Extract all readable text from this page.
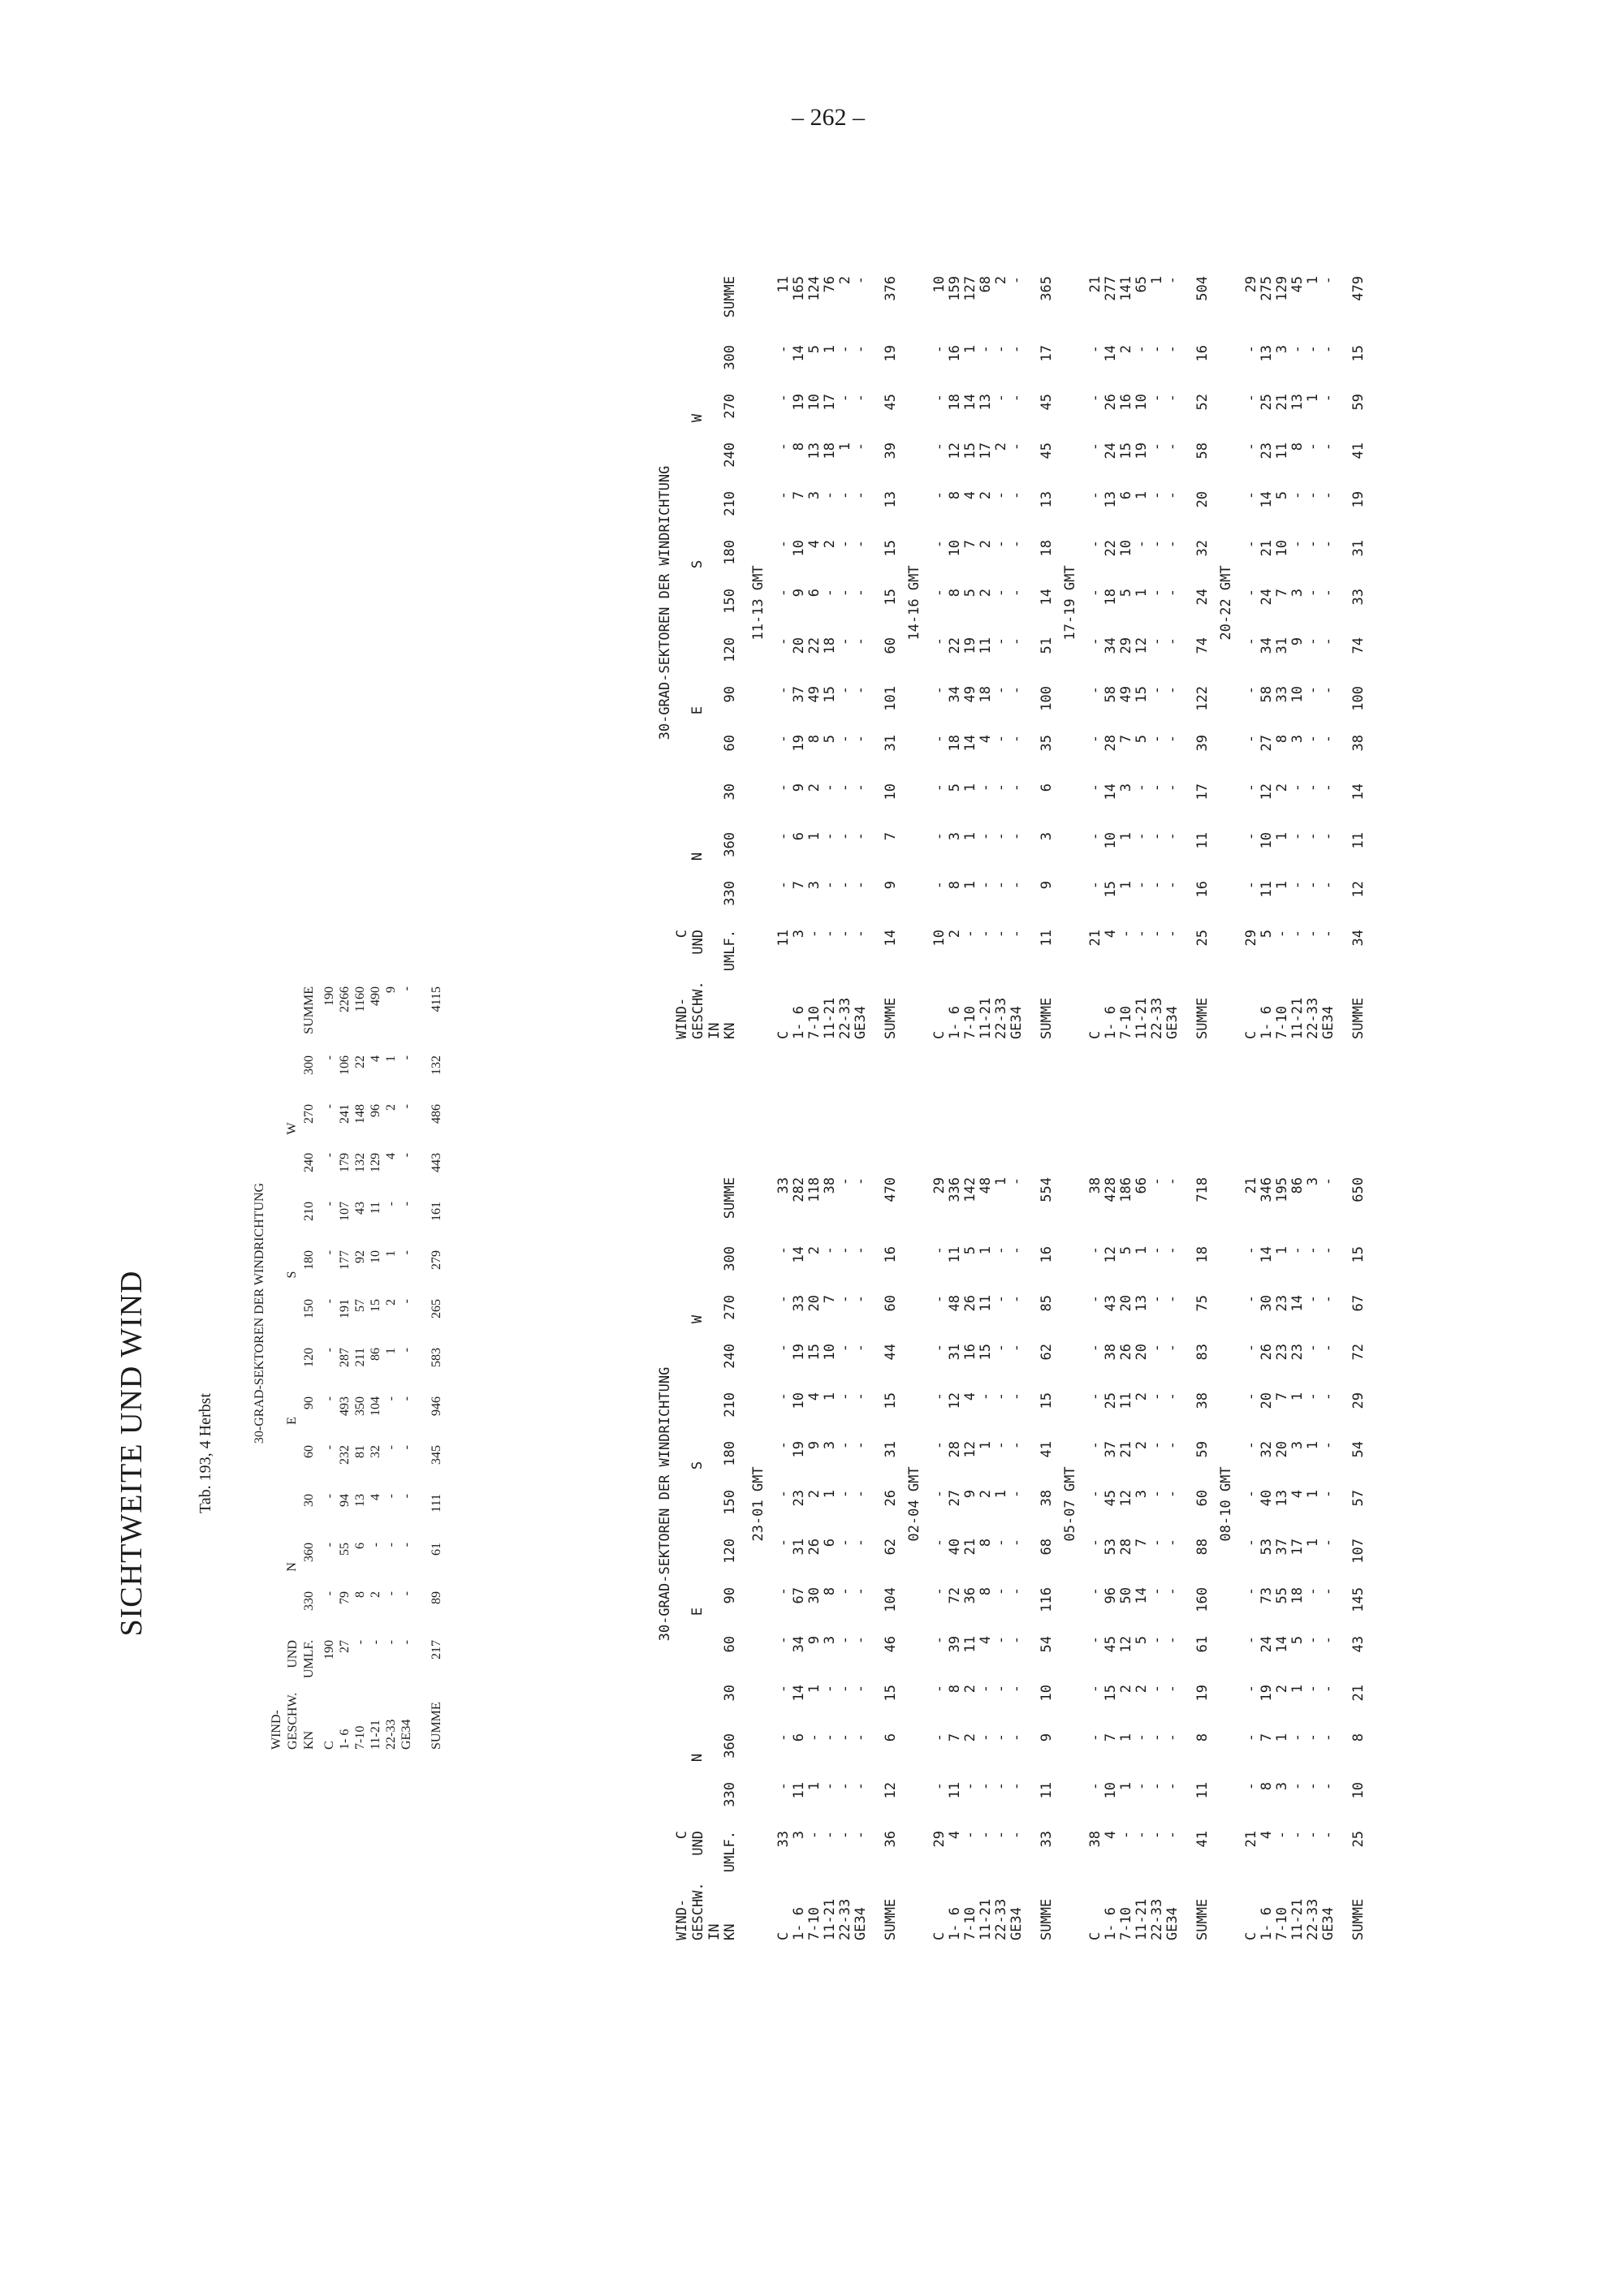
– 262 –
SICHTWEITE UND WIND	Tab. 193, 4 Herbst
		30-GRAD-SEKTOREN DER WINDRICHTUNG												
WIND-														
GESCHW.	UND		N			E			S			W		
KN	UMLF.	330	360	30	60	90	120	150	180	210	240	270	300	SUMME
C	190	-	-	-	-	-	-	-	-	-	-	-	-	190
1- 6	27	79	55	94	232	493	287	191	177	107	179	241	106	2266
7-10	-	8	6	13	81	350	211	57	92	43	132	148	22	1160
11-21	-	2	-	4	32	104	86	15	10	11	129	96	4	490
22-33	-	-	-	-	-	-	1	2	1	-	4	2	1	9
GE34	-	-	-	-	-	-	-	-	-	-	-	-	-	-
SUMME	217	89	61	111	345	946	583	265	279	161	443	486	132	4115
		30-GRAD-SEKTOREN DER WINDRICHTUNG												
WIND-	C													
GESCHW.	UND		N			E			S			W		
IN														
KN	UMLF.	330	360	30	60	90	120	150	180	210	240	270	300	SUMME
		23-01 GMT												
C	33	-	-	-	-	-	-	-	-	-	-	-	-	33
1- 6	3	11	6	14	34	67	31	23	19	10	19	33	14	282
7-10	-	1	-	1	9	30	26	2	9	4	15	20	2	118
11-21	-	-	-	-	3	8	6	1	3	1	10	7	-	38
22-33	-	-	-	-	-	-	-	-	-	-	-	-	-	-
GE34	-	-	-	-	-	-	-	-	-	-	-	-	-	-
SUMME	36	12	6	15	46	104	62	26	31	15	44	60	16	470
		02-04 GMT												
C	29	-	-	-	-	-	-	-	-	-	-	-	-	29
1- 6	4	11	7	8	39	72	40	27	28	12	31	48	11	336
7-10	-	-	2	2	11	36	21	9	12	4	16	26	5	142
11-21	-	-	-	-	4	8	8	2	1	-	15	11	1	48
22-33	-	-	-	-	-	-	-	1	-	-	-	-	-	1
GE34	-	-	-	-	-	-	-	-	-	-	-	-	-	-
SUMME	33	11	9	10	54	116	68	38	41	15	62	85	16	554
		05-07 GMT												
C	38	-	-	-	-	-	-	-	-	-	-	-	-	38
1- 6	4	10	7	15	45	96	53	45	37	25	38	43	12	428
7-10	-	1	1	2	12	50	28	12	21	11	26	20	5	186
11-21	-	-	-	2	5	14	7	3	2	2	20	13	1	66
22-33	-	-	-	-	-	-	-	-	-	-	-	-	-	-
GE34	-	-	-	-	-	-	-	-	-	-	-	-	-	-
SUMME	41	11	8	19	61	160	88	60	59	38	83	75	18	718
		08-10 GMT												
C	21	-	-	-	-	-	-	-	-	-	-	-	-	21
1- 6	4	8	7	19	24	73	53	40	32	20	26	30	14	346
7-10	-	3	1	2	14	55	37	13	20	7	23	23	1	195
11-21	-	-	-	1	5	18	17	4	3	1	23	14	-	86
22-33	-	-	-	-	-	-	1	1	1	-	-	-	-	3
GE34	-	-	-	-	-	-	-	-	-	-	-	-	-	-
SUMME	25	10	8	21	43	145	107	57	54	29	72	67	15	650
		30-GRAD-SEKTOREN DER WINDRICHTUNG												
WIND-	C													
GESCHW.	UND		N			E			S			W		
IN														
KN	UMLF.	330	360	30	60	90	120	150	180	210	240	270	300	SUMME
		11-13 GMT												
C	11	-	-	-	-	-	-	-	-	-	-	-	-	11
1- 6	3	7	6	9	19	37	20	9	10	7	8	19	14	165
7-10	-	3	1	2	8	49	22	6	4	3	13	10	5	124
11-21	-	-	-	-	5	15	18	-	2	-	18	17	1	76
22-33	-	-	-	-	-	-	-	-	-	-	1	-	-	2
GE34	-	-	-	-	-	-	-	-	-	-	-	-	-	-
SUMME	14	9	7	10	31	101	60	15	15	13	39	45	19	376
		14-16 GMT												
C	10	-	-	-	-	-	-	-	-	-	-	-	-	10
1- 6	2	8	3	5	18	34	22	8	10	8	12	18	16	159
7-10	-	1	1	1	14	49	19	5	7	4	15	14	1	127
11-21	-	-	-	-	4	18	11	2	2	2	17	13	-	68
22-33	-	-	-	-	-	-	-	-	-	-	2	-	-	2
GE34	-	-	-	-	-	-	-	-	-	-	-	-	-	-
SUMME	11	9	3	6	35	100	51	14	18	13	45	45	17	365
		17-19 GMT												
C	21	-	-	-	-	-	-	-	-	-	-	-	-	21
1- 6	4	15	10	14	28	58	34	18	22	13	24	26	14	277
7-10	-	1	1	3	7	49	29	5	10	6	15	16	2	141
11-21	-	-	-	-	5	15	12	1	-	1	19	10	-	65
22-33	-	-	-	-	-	-	-	-	-	-	-	-	-	1
GE34	-	-	-	-	-	-	-	-	-	-	-	-	-	-
SUMME	25	16	11	17	39	122	74	24	32	20	58	52	16	504
		20-22 GMT												
C	29	-	-	-	-	-	-	-	-	-	-	-	-	29
1- 6	5	11	10	12	27	58	34	24	21	14	23	25	13	275
7-10	-	1	1	2	8	33	31	7	10	5	11	21	3	129
11-21	-	-	-	-	3	10	9	3	-	-	8	13	-	45
22-33	-	-	-	-	-	-	-	-	-	-	-	1	-	1
GE34	-	-	-	-	-	-	-	-	-	-	-	-	-	-
SUMME	34	12	11	14	38	100	74	33	31	19	41	59	15	479
